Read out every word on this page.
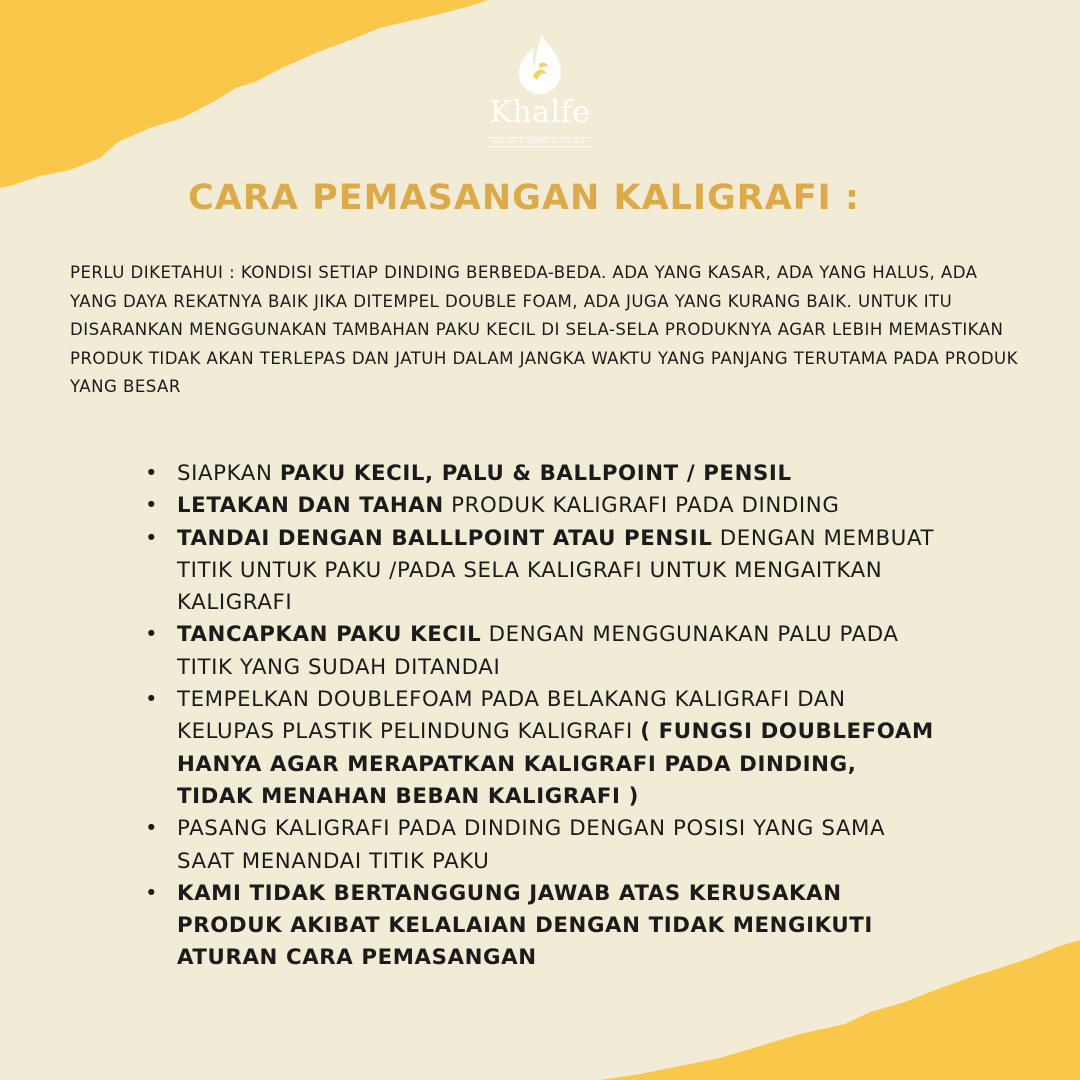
Khalfe
ISLAMIC HOME & LIVING
CARA PEMASANGAN KALIGRAFI :

PERLU DIKETAHUI : KONDISI SETIAP DINDING BERBEDA-BEDA. ADA YANG KASAR, ADA YANG HALUS, ADA YANG DAYA REKATNYA BAIK JIKA DITEMPEL DOUBLE FOAM, ADA JUGA YANG KURANG BAIK. UNTUK ITU DISARANKAN MENGGUNAKAN TAMBAHAN PAKU KECIL DI SELA-SELA PRODUKNYA AGAR LEBIH MEMASTIKAN PRODUK TIDAK AKAN TERLEPAS DAN JATUH DALAM JANGKA WAKTU YANG PANJANG TERUTAMA PADA PRODUK YANG BESAR

• SIAPKAN PAKU KECIL, PALU & BALLPOINT / PENSIL
• LETAKAN DAN TAHAN PRODUK KALIGRAFI PADA DINDING
• TANDAI DENGAN BALLLPOINT ATAU PENSIL DENGAN MEMBUAT TITIK UNTUK PAKU /PADA SELA KALIGRAFI UNTUK MENGAITKAN KALIGRAFI
• TANCAPKAN PAKU KECIL DENGAN MENGGUNAKAN PALU PADA TITIK YANG SUDAH DITANDAI
• TEMPELKAN DOUBLEFOAM PADA BELAKANG KALIGRAFI DAN KELUPAS PLASTIK PELINDUNG KALIGRAFI ( FUNGSI DOUBLEFOAM HANYA AGAR MERAPATKAN KALIGRAFI PADA DINDING, TIDAK MENAHAN BEBAN KALIGRAFI )
• PASANG KALIGRAFI PADA DINDING DENGAN POSISI YANG SAMA SAAT MENANDAI TITIK PAKU
• KAMI TIDAK BERTANGGUNG JAWAB ATAS KERUSAKAN PRODUK AKIBAT KELALAIAN DENGAN TIDAK MENGIKUTI ATURAN CARA PEMASANGAN
